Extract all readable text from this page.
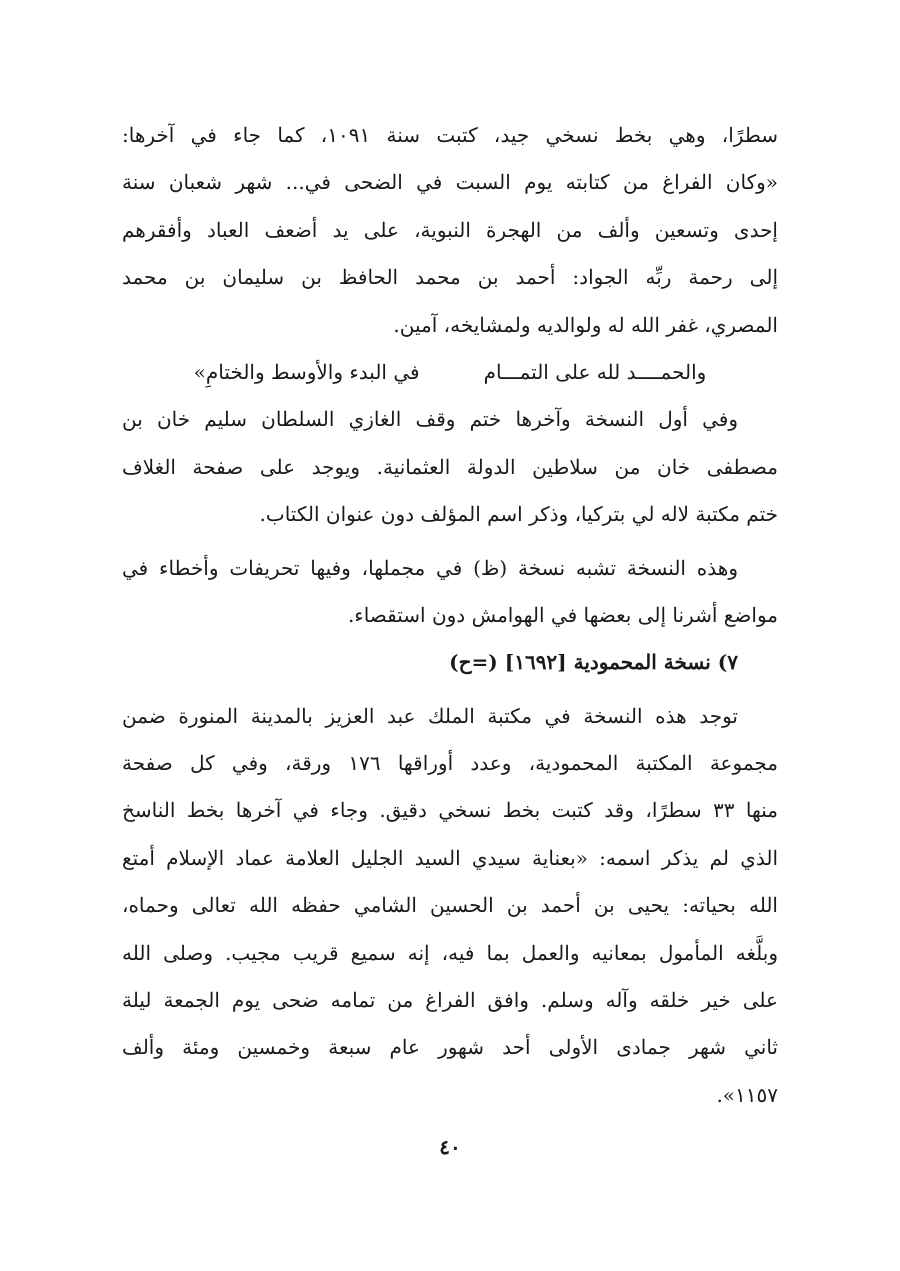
سطرًا، وهي بخط نسخي جيد، كتبت سنة ١٠٩١، كما جاء في آخرها:
«وكان الفراغ من كتابته يوم السبت في الضحى في... شهر شعبان سنة
إحدى وتسعين وألف من الهجرة النبوية، على يد أضعف العباد وأفقرهم
إلى رحمة ربِّه الجواد: أحمد بن محمد الحافظ بن سليمان بن محمد
المصري، غفر الله له ولوالديه ولمشايخه، آمين.
والحمــــد لله على التمـــام
في البدء والأوسط والختامِ»
وفي أول النسخة وآخرها ختم وقف الغازي السلطان سليم خان بن
مصطفى خان من سلاطين الدولة العثمانية. ويوجد على صفحة الغلاف
ختم مكتبة لاله لي بتركيا، وذكر اسم المؤلف دون عنوان الكتاب.
وهذه النسخة تشبه نسخة (ظ) في مجملها، وفيها تحريفات وأخطاء في
مواضع أشرنا إلى بعضها في الهوامش دون استقصاء.
٧) نسخة المحمودية [١٦٩٢] (=ح)
توجد هذه النسخة في مكتبة الملك عبد العزيز بالمدينة المنورة ضمن
مجموعة المكتبة المحمودية، وعدد أوراقها ١٧٦ ورقة، وفي كل صفحة
منها ٣٣ سطرًا، وقد كتبت بخط نسخي دقيق. وجاء في آخرها بخط الناسخ
الذي لم يذكر اسمه: «بعناية سيدي السيد الجليل العلامة عماد الإسلام أمتع
الله بحياته: يحيى بن أحمد بن الحسين الشامي حفظه الله تعالى وحماه،
وبلَّغه المأمول بمعانيه والعمل بما فيه، إنه سميع قريب مجيب. وصلى الله
على خير خلقه وآله وسلم. وافق الفراغ من تمامه ضحى يوم الجمعة ليلة
ثاني شهر جمادى الأولى أحد شهور عام سبعة وخمسين ومئة وألف
١١٥٧».
٤٠
